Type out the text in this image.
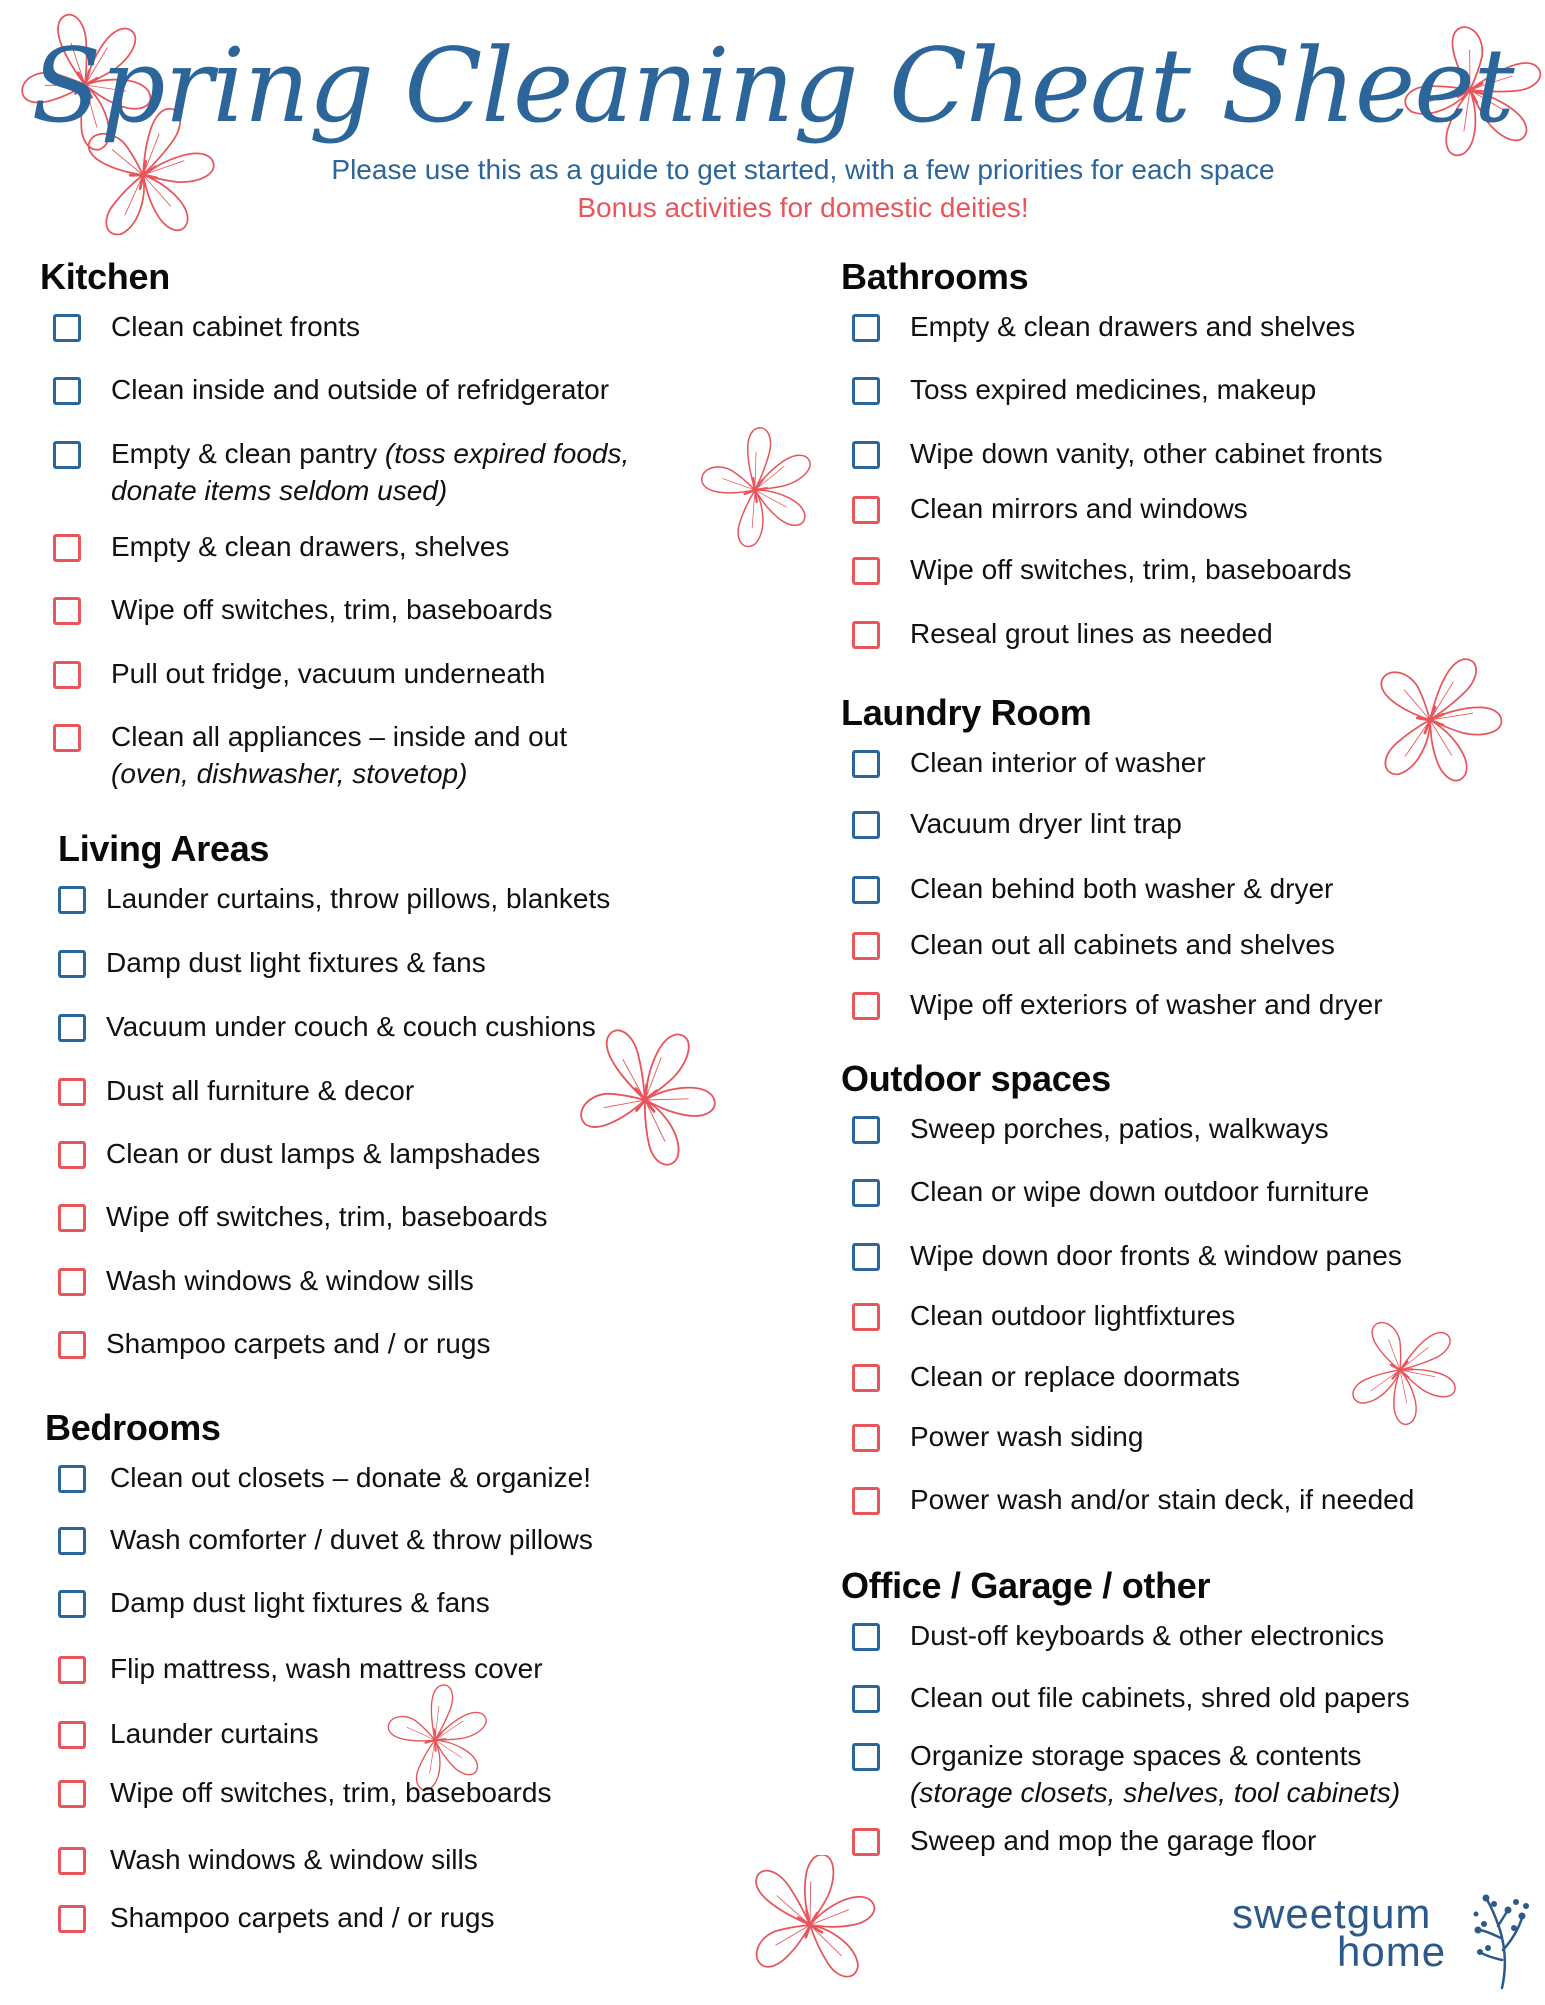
Spring Cleaning Cheat Sheet
Please use this as a guide to get started, with a few priorities for each space
Bonus activities for domestic deities!
Kitchen
Clean cabinet fronts
Clean inside and outside of refridgerator
Empty & clean pantry (toss expired foods,
donate items seldom used)
Empty & clean drawers, shelves
Wipe off switches, trim, baseboards
Pull out fridge, vacuum underneath
Clean all appliances – inside and out
(oven, dishwasher, stovetop)
Living Areas
Launder curtains, throw pillows, blankets
Damp dust light fixtures & fans
Vacuum under couch & couch cushions
Dust all furniture & decor
Clean or dust lamps & lampshades
Wipe off switches, trim, baseboards
Wash windows & window sills
Shampoo carpets and / or rugs
Bedrooms
Clean out closets – donate & organize!
Wash comforter / duvet & throw pillows
Damp dust light fixtures & fans
Flip mattress, wash mattress cover
Launder curtains
Wipe off switches, trim, baseboards
Wash windows & window sills
Shampoo carpets and / or rugs
Bathrooms
Empty & clean drawers and shelves
Toss expired medicines, makeup
Wipe down vanity, other cabinet fronts
Clean mirrors and windows
Wipe off switches, trim, baseboards
Reseal grout lines as needed
Laundry Room
Clean interior of washer
Vacuum dryer lint trap
Clean behind both washer & dryer
Clean out all cabinets and shelves
Wipe off exteriors of washer and dryer
Outdoor spaces
Sweep porches, patios, walkways
Clean or wipe down outdoor furniture
Wipe down door fronts & window panes
Clean outdoor lightfixtures
Clean or replace doormats
Power wash siding
Power wash and/or stain deck, if needed
Office / Garage / other
Dust-off keyboards & other electronics
Clean out file cabinets, shred old papers
Organize storage spaces & contents
(storage closets, shelves, tool cabinets)
Sweep and mop the garage floor
sweetgum
home
